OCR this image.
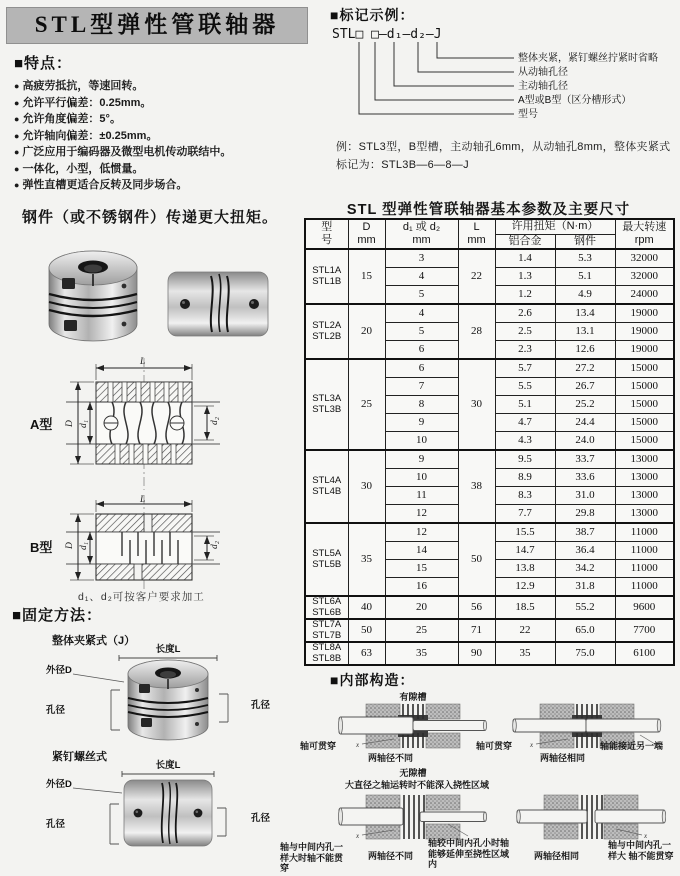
STL型弹性管联轴器
■特点：
● 高疲劳抵抗，等速回转。
● 允许平行偏差：0.25mm。
● 允许角度偏差：5°。
● 允许轴向偏差：±0.25mm。
● 广泛应用于编码器及微型电机传动联结中。
● 一体化，小型，低惯量。
● 弹性直槽更适合反转及同步场合。
钢件（或不锈钢件）传递更大扭矩。
L
D d₁	d₂
A型
L
D d₁	d₂
B型
d₁、d₂可按客户要求加工
■固定方法：
整体夹紧式（J）
长度L
外径D
孔径	孔径
紧钉螺丝式
长度L
外径D
孔径
孔径
■标记示例：
STL□ □—d₁—d₂—J
整体夹紧，紧钉螺丝拧紧时省略
从动轴孔径
主动轴孔径
A型或B型（区分槽形式）
型号
例：STL3型，B型槽，主动轴孔6mm，从动轴孔8mm，整体夹紧式
标记为：STL3B—6—8—J
STL 型弹性管联轴器基本参数及主要尺寸
型
号	D
mm	d₁ 或 d₂
mm	L
mm	许用扭矩（N·m）		最大转速
rpm
				铝合金	钢件	
STL1A
STL1B	15	3	22	1.4	5.3	32000
		4		1.3	5.1	32000
		5		1.2	4.9	24000
STL2A
STL2B	20	4	28	2.6	13.4	19000
		5		2.5	13.1	19000
		6		2.3	12.6	19000
STL3A
STL3B	25	6	30	5.7	27.2	15000
		7		5.5	26.7	15000
		8		5.1	25.2	15000
		9		4.7	24.4	15000
		10		4.3	24.0	15000
STL4A
STL4B	30	9	38	9.5	33.7	13000
		10		8.9	33.6	13000
		11		8.3	31.0	13000
		12		7.7	29.8	13000
STL5A
STL5B	35	12	50	15.5	38.7	11000
		14		14.7	36.4	11000
		15		13.8	34.2	11000
		16		12.9	31.8	11000
STL6A
STL6B	40	20	56	18.5	55.2	9600
STL7A
STL7B	50	25	71	22	65.0	7700
STL8A
STL8B	63	35	90	35	75.0	6100
■内部构造：
有隙槽
x
轴可贯穿
两轴径不同
x
轴可贯穿
两轴径相同
轴能接近另一端
无隙槽
大直径之轴运转时不能深入挠性区域
x
轴与中间内孔一样大时轴不能贯穿
两轴径不同
轴较中间内孔小时轴能够延伸至挠性区域内
x
两轴径相同
轴与中间内孔一样大 轴不能贯穿
